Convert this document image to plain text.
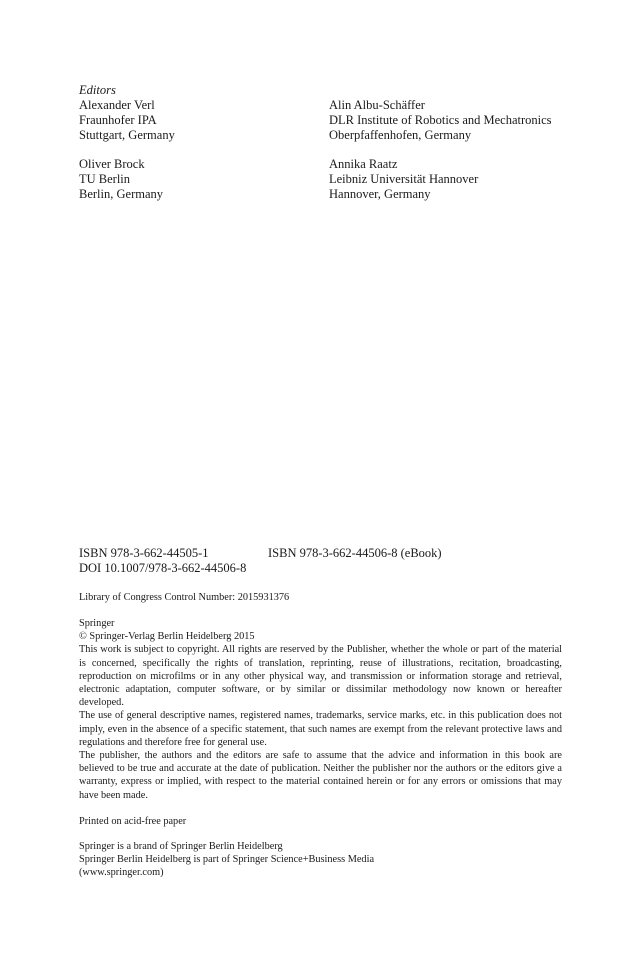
Editors
Alexander Verl
Fraunhofer IPA
Stuttgart, Germany
Alin Albu-Schäffer
DLR Institute of Robotics and Mechatronics
Oberpfaffenhofen, Germany
Oliver Brock
TU Berlin
Berlin, Germany
Annika Raatz
Leibniz Universität Hannover
Hannover, Germany
ISBN 978-3-662-44505-1	ISBN 978-3-662-44506-8 (eBook)
DOI 10.1007/978-3-662-44506-8
Library of Congress Control Number: 2015931376
Springer
© Springer-Verlag Berlin Heidelberg 2015

This work is subject to copyright. All rights are reserved by the Publisher, whether the whole or part of the material is concerned, specifically the rights of translation, reprinting, reuse of illustrations, recitation, broadcasting, reproduction on microfilms or in any other physical way, and transmission or information storage and retrieval, electronic adaptation, computer software, or by similar or dissimilar methodology now known or hereafter developed.

The use of general descriptive names, registered names, trademarks, service marks, etc. in this publication does not imply, even in the absence of a specific statement, that such names are exempt from the relevant protective laws and regulations and therefore free for general use.

The publisher, the authors and the editors are safe to assume that the advice and information in this book are believed to be true and accurate at the date of publication. Neither the publisher nor the authors or the editors give a warranty, express or implied, with respect to the material contained herein or for any errors or omissions that may have been made.

Printed on acid-free paper
Springer is a brand of Springer Berlin Heidelberg
Springer Berlin Heidelberg is part of Springer Science+Business Media
(www.springer.com)
